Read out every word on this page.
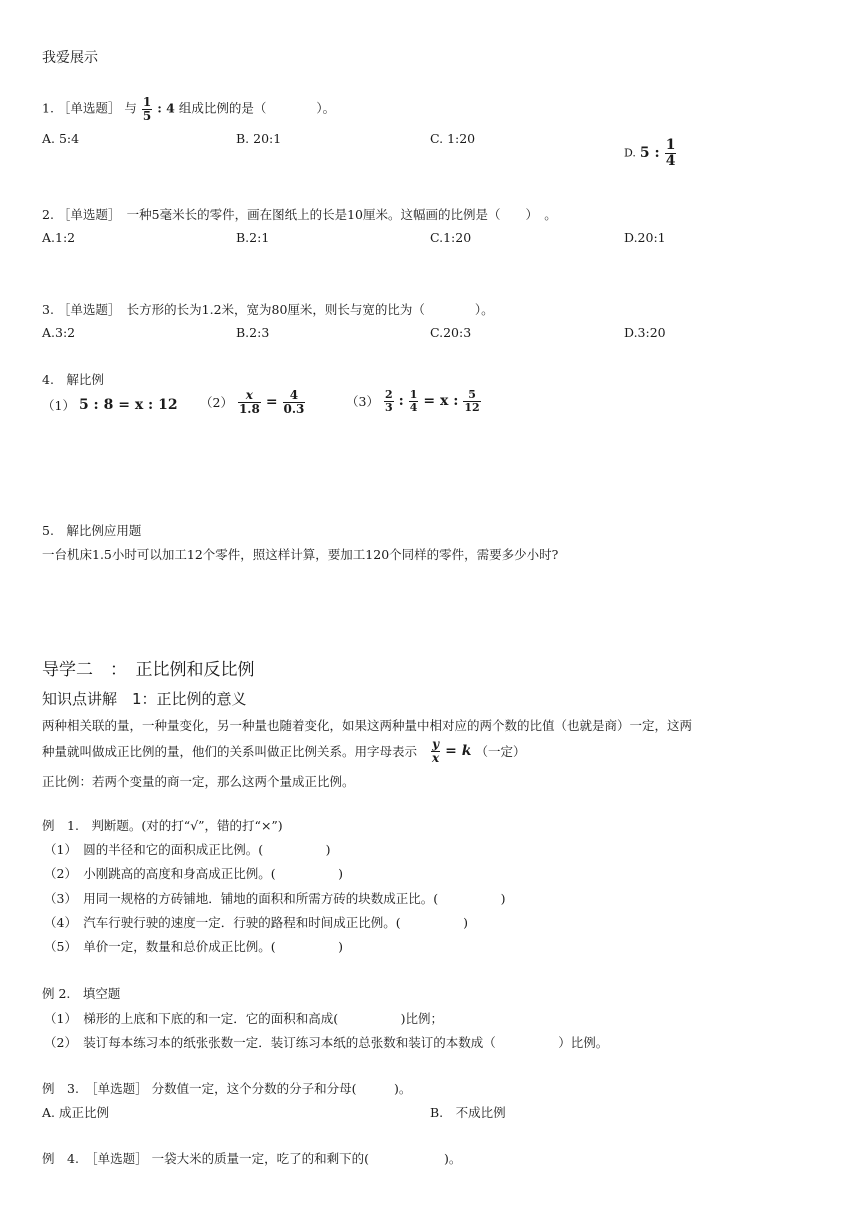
我爱展示
1. ［单选题］ 与 $\frac{1}{5}$ : 4 组成比例的是（　　　　）。
A. 5:4	B. 20:1	C. 1:20
D. 5 : $\frac{1}{4}$
2. ［单选题］　一种5毫米长的零件，画在图纸上的长是10厘米。这幅画的比例是（　　）　。
A.1:2	B.2:1	C.1:20	D.20:1
3. ［单选题］　长方形的长为1.2米，宽为80厘米，则长与宽的比为（　　　　）。
A.3:2	B.2:3	C.20:3	D.3:20
4.　解比例
（1） 5 : 8 = x : 12 $(2) \frac{x}{1.8} = \frac{4}{0.3}$	$(3) \frac{2}{3}$ : $\frac{1}{4} = x$ : $\frac{5}{12}$
5.　解比例应用题
一台机床1.5小时可以加工12个零件，照这样计算，要加工120个同样的零件，需要多少小时?
导学二　：　正比例和反比例
知识点讲解　1：正比例的意义
两种相关联的量，一种量变化，另一种量也随着变化，如果这两种量中相对应的两个数的比值（也就是商）一定，这两
种量就叫做成正比例的量，他们的关系叫做正比例关系。用字母表示 $\frac{y}{x} = k$ （一定）
正比例：若两个变量的商一定，那么这两个量成正比例。
例　1.　判断题。(对的打“√”，错的打“×”)
（1）　圆的半径和它的面积成正比例。(　　　　　)
（2）　小刚跳高的高度和身高成正比例。(　　　　　)
（3）　用同一规格的方砖铺地．铺地的面积和所需方砖的块数成正比。(　　　　　)
（4）　汽车行驶行驶的速度一定．行驶的路程和时间成正比例。(　　　　　)
（5）　单价一定，数量和总价成正比例。(　　　　　)
例 2.　填空题
（1）　梯形的上底和下底的和一定．它的面积和高成(　　　　　)比例；
（2）　装订每本练习本的纸张张数一定．装订练习本纸的总张数和装订的本数成（　　　　　）比例。
例　3.　［单选题］ 分数值一定，这个分数的分子和分母(　　　)。
A. 成正比例	B.　不成比例
例　4.　［单选题］ 一袋大米的质量一定，吃了的和剩下的(　　　　　　)。
